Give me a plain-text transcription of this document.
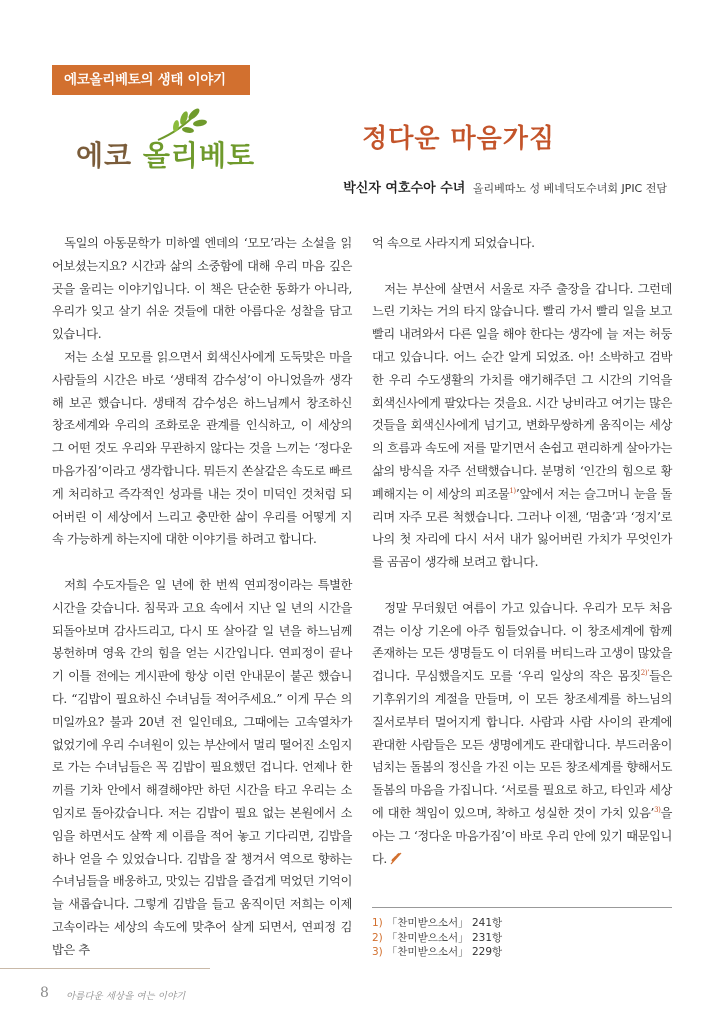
에코올리베토의 생태 이야기
에코 올리베토	정다운 마음가짐
박신자 여호수아 수녀 올리베따노 성 베네딕도수녀회 JPIC 전담

독일의 아동문학가 미하엘 엔데의 ‘모모’라는 소설을 읽어보셨는지요? 시간과 삶의 소중함에 대해 우리 마음 깊은 곳을 울리는 이야기입니다. 이 책은 단순한 동화가 아니라, 우리가 잊고 살기 쉬운 것들에 대한 아름다운 성찰을 담고 있습니다.

저는 소설 모모를 읽으면서 회색신사에게 도둑맞은 마을 사람들의 시간은 바로 ‘생태적 감수성’이 아니었을까 생각해 보곤 했습니다. 생태적 감수성은 하느님께서 창조하신 창조세계와 우리의 조화로운 관계를 인식하고, 이 세상의 그 어떤 것도 우리와 무관하지 않다는 것을 느끼는 ‘정다운 마음가짐’이라고 생각합니다. 뭐든지 쏜살같은 속도로 빠르게 처리하고 즉각적인 성과를 내는 것이 미덕인 것처럼 되어버린 이 세상에서 느리고 충만한 삶이 우리를 어떻게 지속 가능하게 하는지에 대한 이야기를 하려고 합니다.

저희 수도자들은 일 년에 한 번씩 연피정이라는 특별한 시간을 갖습니다. 침묵과 고요 속에서 지난 일 년의 시간을 되돌아보며 감사드리고, 다시 또 살아갈 일 년을 하느님께 봉헌하며 영육 간의 힘을 얻는 시간입니다. 연피정이 끝나기 이틀 전에는 게시판에 항상 이런 안내문이 붙곤 했습니다. “김밥이 필요하신 수녀님들 적어주세요.” 이게 무슨 의미일까요? 불과 20년 전 일인데요, 그때에는 고속열차가 없었기에 우리 수녀원이 있는 부산에서 멀리 떨어진 소임지로 가는 수녀님들은 꼭 김밥이 필요했던 겁니다. 언제나 한 끼를 기차 안에서 해결해야만 하던 시간을 타고 우리는 소임지로 돌아갔습니다. 저는 김밥이 필요 없는 본원에서 소임을 하면서도 살짝 제 이름을 적어 놓고 기다리면, 김밥을 하나 얻을 수 있었습니다. 김밥을 잘 챙겨서 역으로 향하는 수녀님들을 배웅하고, 맛있는 김밥을 즐겁게 먹었던 기억이 늘 새롭습니다. 그렇게 김밥을 들고 움직이던 저희는 이제 고속이라는 세상의 속도에 맞추어 살게 되면서, 연피정 김밥은 추

억 속으로 사라지게 되었습니다.

저는 부산에 살면서 서울로 자주 출장을 갑니다. 그런데 느린 기차는 거의 타지 않습니다. 빨리 가서 빨리 일을 보고 빨리 내려와서 다른 일을 해야 한다는 생각에 늘 저는 허둥대고 있습니다. 어느 순간 알게 되었죠. 아! 소박하고 검박한 우리 수도생활의 가치를 얘기해주던 그 시간의 기억을 회색신사에게 팔았다는 것을요. 시간 낭비라고 여기는 많은 것들을 회색신사에게 넘기고, 변화무쌍하게 움직이는 세상의 흐름과 속도에 저를 맡기면서 손쉽고 편리하게 살아가는 삶의 방식을 자주 선택했습니다. 분명히 ‘인간의 힘으로 황폐해지는 이 세상의 피조물$^{1)}$’앞에서 저는 슬그머니 눈을 돌리며 자주 모른 척했습니다. 그러나 이젠, ‘멈춤’과 ‘정지’로 나의 첫 자리에 다시 서서 내가 잃어버린 가치가 무엇인가를 곰곰이 생각해 보려고 합니다.

정말 무더웠던 여름이 가고 있습니다. 우리가 모두 처음 겪는 이상 기온에 아주 힘들었습니다. 이 창조세계에 함께 존재하는 모든 생명들도 이 더위를 버티느라 고생이 많았을 겁니다. 무심했을지도 모를 ‘우리 일상의 작은 몸짓$^{2)’}$들은 기후위기의 계절을 만들며, 이 모든 창조세계를 하느님의 질서로부터 멀어지게 합니다. 사람과 사람 사이의 관계에 관대한 사람들은 모든 생명에게도 관대합니다. 부드러움이 넘치는 돌봄의 정신을 가진 이는 모든 창조세계를 향해서도 돌봄의 마음을 가집니다. ‘서로를 필요로 하고, 타인과 세상에 대한 책임이 있으며, 착하고 성실한 것이 가치 있음’$^{3)}$을 아는 그 ‘정다운 마음가짐’이 바로 우리 안에 있기 때문입니다.

1) 「찬미받으소서」 241항
2) 「찬미받으소서」 231항
3) 「찬미받으소서」 229항
8 아름다운 세상을 여는 이야기
